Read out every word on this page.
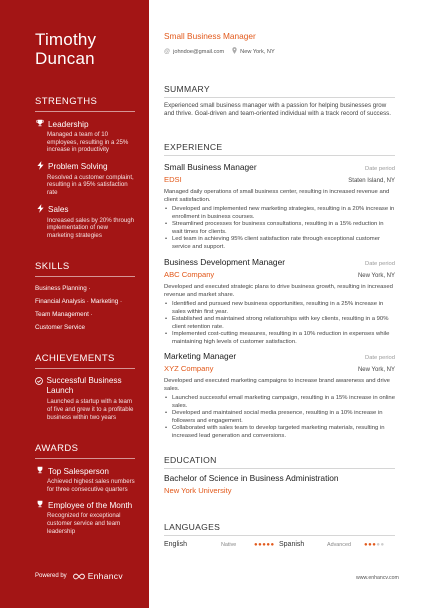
Timothy
Duncan
STRENGTHS
Leadership
Managed a team of 10 employees, resulting in a 25% increase in productivity
Problem Solving
Resolved a customer complaint, resulting in a 95% satisfaction rate
Sales
Increased sales by 20% through implementation of new marketing strategies
SKILLS
Business Planning ·
Financial Analysis · Marketing ·
Team Management ·
Customer Service
ACHIEVEMENTS
Successful Business Launch
Launched a startup with a team of five and grew it to a profitable business within two years
AWARDS
Top Salesperson
Achieved highest sales numbers for three consecutive quarters
Employee of the Month
Recognized for exceptional customer service and team leadership
Powered by Enhancv
Small Business Manager
@ johndoe@gmail.com	New York, NY
SUMMARY
Experienced small business manager with a passion for helping businesses grow and thrive. Goal-driven and team-oriented individual with a track record of success.
EXPERIENCE
Small Business Manager	Date period
EDSI	Staten Island, NY
Managed daily operations of small business center, resulting in increased revenue and client satisfaction.
• Developed and implemented new marketing strategies, resulting in a 20% increase in enrollment in business courses.
• Streamlined processes for business consultations, resulting in a 15% reduction in wait times for clients.
• Led team in achieving 95% client satisfaction rate through exceptional customer service and support.
Business Development Manager	Date period
ABC Company	New York, NY
Developed and executed strategic plans to drive business growth, resulting in increased revenue and market share.
• Identified and pursued new business opportunities, resulting in a 25% increase in sales within first year.
• Established and maintained strong relationships with key clients, resulting in a 90% client retention rate.
• Implemented cost-cutting measures, resulting in a 10% reduction in expenses while maintaining high levels of customer satisfaction.
Marketing Manager	Date period
XYZ Company	New York, NY
Developed and executed marketing campaigns to increase brand awareness and drive sales.
• Launched successful email marketing campaign, resulting in a 15% increase in online sales.
• Developed and maintained social media presence, resulting in a 10% increase in followers and engagement.
• Collaborated with sales team to develop targeted marketing materials, resulting in increased lead generation and conversions.
EDUCATION
Bachelor of Science in Business Administration
New York University
LANGUAGES
English	Native	●●●●● Spanish	Advanced	●●●●●
www.enhancv.com
